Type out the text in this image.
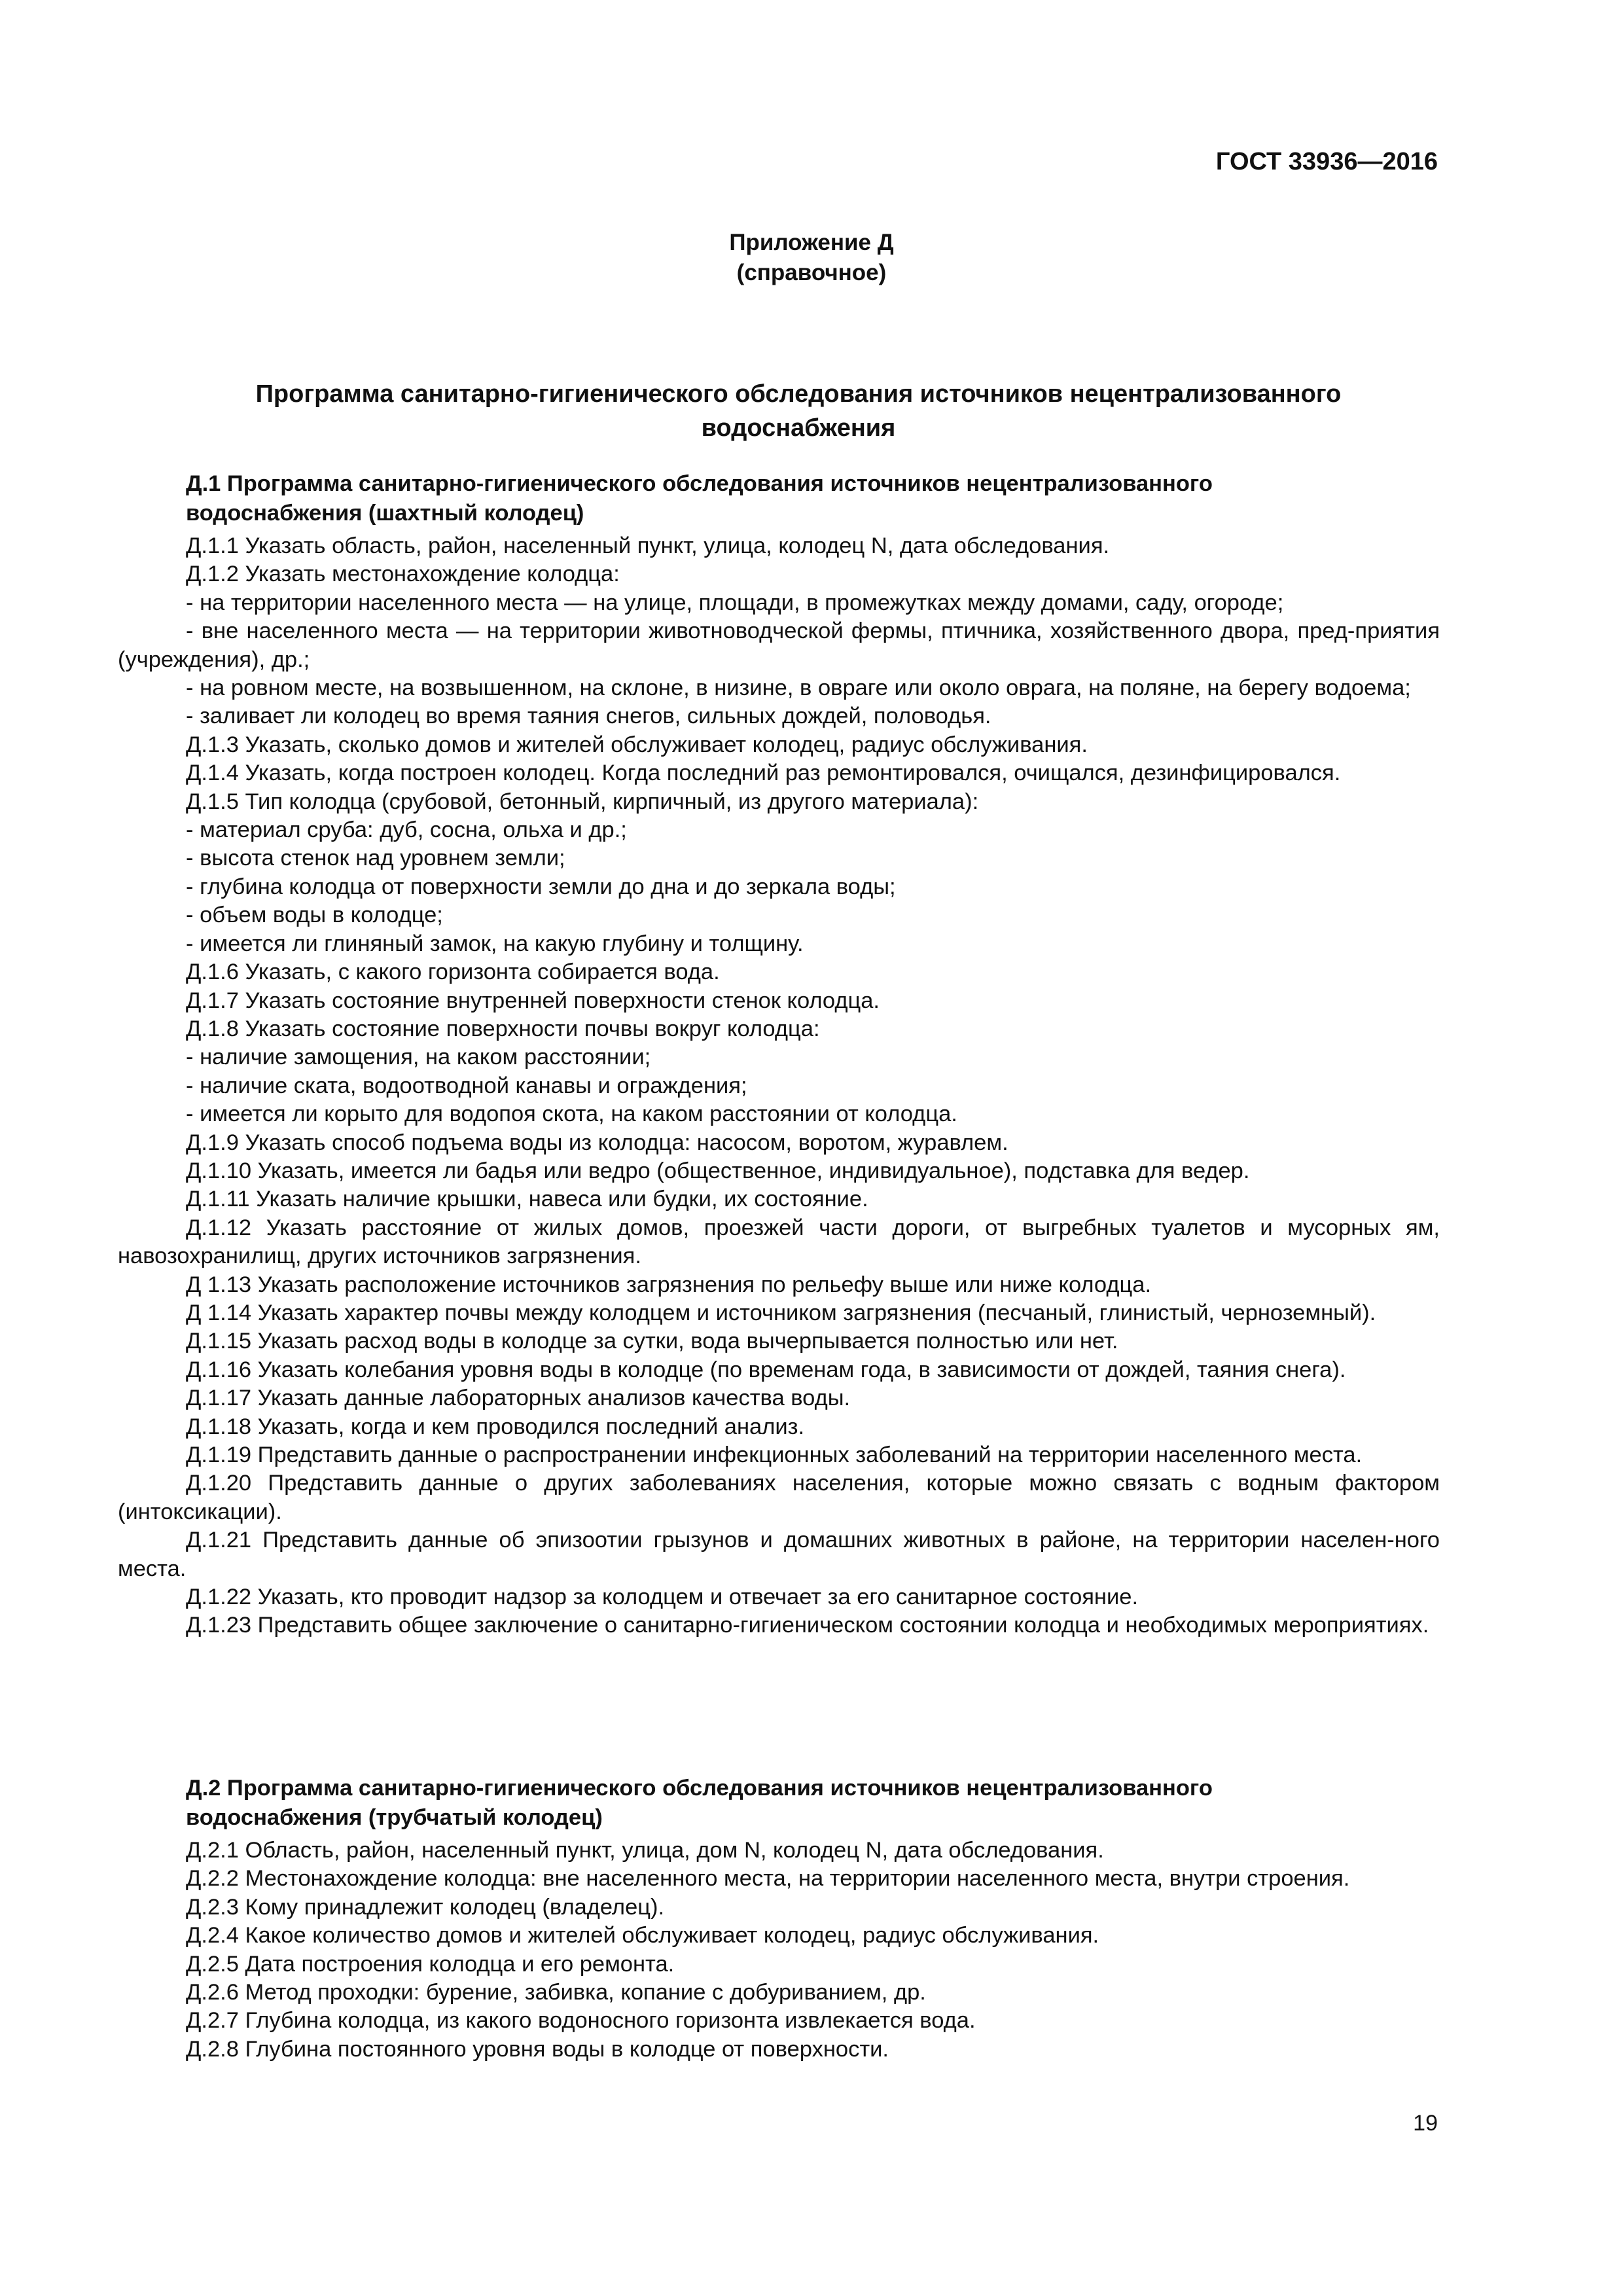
ГОСТ 33936—2016
Приложение Д
(справочное)
Программа санитарно-гигиенического обследования источников нецентрализованного
водоснабжения
Д.1 Программа санитарно-гигиенического обследования источников нецентрализованного
водоснабжения (шахтный колодец)
Д.1.1 Указать область, район, населенный пункт, улица, колодец N, дата обследования.
Д.1.2 Указать местонахождение колодца:
- на территории населенного места — на улице, площади, в промежутках между домами, саду, огороде;
- вне населенного места — на территории животноводческой фермы, птичника, хозяйственного двора, пред-приятия (учреждения), др.;
- на ровном месте, на возвышенном, на склоне, в низине, в овраге или около оврага, на поляне, на берегу водоема;
- заливает ли колодец во время таяния снегов, сильных дождей, половодья.
Д.1.3 Указать, сколько домов и жителей обслуживает колодец, радиус обслуживания.
Д.1.4 Указать, когда построен колодец. Когда последний раз ремонтировался, очищался, дезинфицировался.
Д.1.5 Тип колодца (срубовой, бетонный, кирпичный, из другого материала):
- материал сруба: дуб, сосна, ольха и др.;
- высота стенок над уровнем земли;
- глубина колодца от поверхности земли до дна и до зеркала воды;
- объем воды в колодце;
- имеется ли глиняный замок, на какую глубину и толщину.
Д.1.6 Указать, с какого горизонта собирается вода.
Д.1.7 Указать состояние внутренней поверхности стенок колодца.
Д.1.8 Указать состояние поверхности почвы вокруг колодца:
- наличие замощения, на каком расстоянии;
- наличие ската, водоотводной канавы и ограждения;
- имеется ли корыто для водопоя скота, на каком расстоянии от колодца.
Д.1.9 Указать способ подъема воды из колодца: насосом, воротом, журавлем.
Д.1.10 Указать, имеется ли бадья или ведро (общественное, индивидуальное), подставка для ведер.
Д.1.11 Указать наличие крышки, навеса или будки, их состояние.
Д.1.12 Указать расстояние от жилых домов, проезжей части дороги, от выгребных туалетов и мусорных ям, навозохранилищ, других источников загрязнения.
Д 1.13 Указать расположение источников загрязнения по рельефу выше или ниже колодца.
Д 1.14 Указать характер почвы между колодцем и источником загрязнения (песчаный, глинистый, черноземный).
Д.1.15 Указать расход воды в колодце за сутки, вода вычерпывается полностью или нет.
Д.1.16 Указать колебания уровня воды в колодце (по временам года, в зависимости от дождей, таяния снега).
Д.1.17 Указать данные лабораторных анализов качества воды.
Д.1.18 Указать, когда и кем проводился последний анализ.
Д.1.19 Представить данные о распространении инфекционных заболеваний на территории населенного места.
Д.1.20 Представить данные о других заболеваниях населения, которые можно связать с водным фактором (интоксикации).
Д.1.21 Представить данные об эпизоотии грызунов и домашних животных в районе, на территории населен-ного места.
Д.1.22 Указать, кто проводит надзор за колодцем и отвечает за его санитарное состояние.
Д.1.23 Представить общее заключение о санитарно-гигиеническом состоянии колодца и необходимых мероприятиях.
Д.2 Программа санитарно-гигиенического обследования источников нецентрализованного
водоснабжения (трубчатый колодец)
Д.2.1 Область, район, населенный пункт, улица, дом N, колодец N, дата обследования.
Д.2.2 Местонахождение колодца: вне населенного места, на территории населенного места, внутри строения.
Д.2.3 Кому принадлежит колодец (владелец).
Д.2.4 Какое количество домов и жителей обслуживает колодец, радиус обслуживания.
Д.2.5 Дата построения колодца и его ремонта.
Д.2.6 Метод проходки: бурение, забивка, копание с добуриванием, др.
Д.2.7 Глубина колодца, из какого водоносного горизонта извлекается вода.
Д.2.8 Глубина постоянного уровня воды в колодце от поверхности.
19
